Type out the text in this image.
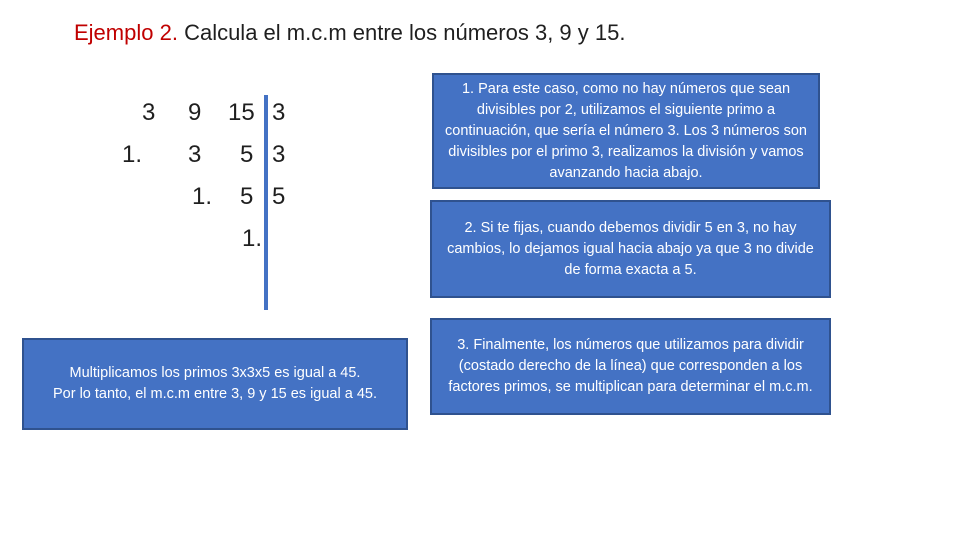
Ejemplo 2. Calcula el m.c.m entre los números 3, 9 y 15.
3 9 15 3
1. 3 5 3
1. 5 5
1.
1. Para este caso, como no hay números que sean divisibles por 2, utilizamos el siguiente primo a continuación, que sería el número 3. Los 3 números son divisibles por el primo 3, realizamos la división y vamos avanzando hacia abajo.
2. Si te fijas, cuando debemos dividir 5 en 3, no hay cambios, lo dejamos igual hacia abajo ya que 3 no divide de forma exacta a 5.
3. Finalmente, los números que utilizamos para dividir (costado derecho de la línea) que corresponden a los factores primos, se multiplican para determinar el m.c.m.
Multiplicamos los primos 3x3x5 es igual a 45.
Por lo tanto, el m.c.m entre 3, 9 y 15 es igual a 45.
